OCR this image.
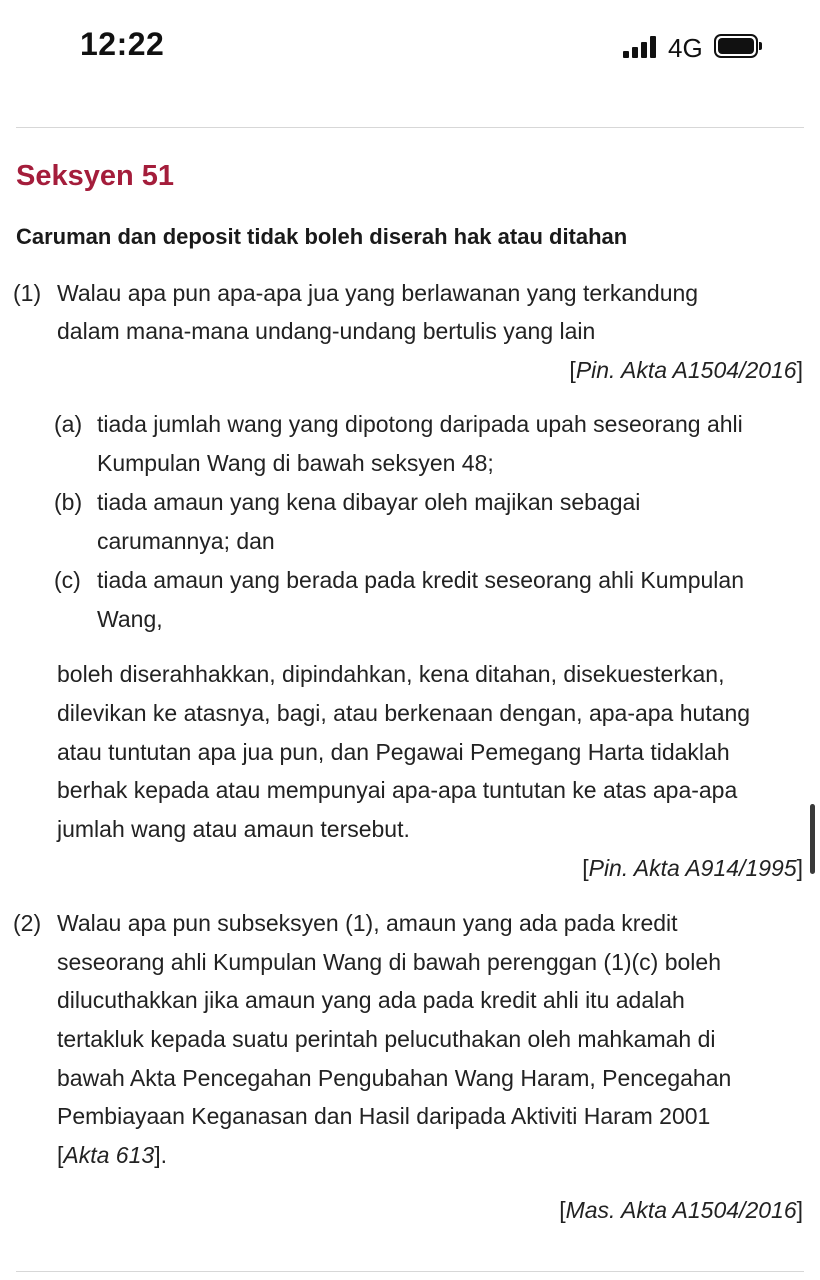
12:22	4G
Seksyen 51
Caruman dan deposit tidak boleh diserah hak atau ditahan
(1) Walau apa pun apa-apa jua yang berlawanan yang terkandung
dalam mana-mana undang-undang bertulis yang lain
[Pin. Akta A1504/2016]
(a) tiada jumlah wang yang dipotong daripada upah seseorang ahli
Kumpulan Wang di bawah seksyen 48;
(b) tiada amaun yang kena dibayar oleh majikan sebagai
carumannya; dan
(c) tiada amaun yang berada pada kredit seseorang ahli Kumpulan
Wang,
boleh diserahhakkan, dipindahkan, kena ditahan, disekuesterkan,
dilevikan ke atasnya, bagi, atau berkenaan dengan, apa-apa hutang
atau tuntutan apa jua pun, dan Pegawai Pemegang Harta tidaklah
berhak kepada atau mempunyai apa-apa tuntutan ke atas apa-apa
jumlah wang atau amaun tersebut.
[Pin. Akta A914/1995]
(2) Walau apa pun subseksyen (1), amaun yang ada pada kredit
seseorang ahli Kumpulan Wang di bawah perenggan (1)(c) boleh
dilucuthakkan jika amaun yang ada pada kredit ahli itu adalah
tertakluk kepada suatu perintah pelucuthakan oleh mahkamah di
bawah Akta Pencegahan Pengubahan Wang Haram, Pencegahan
Pembiayaan Keganasan dan Hasil daripada Aktiviti Haram 2001
[Akta 613].
[Mas. Akta A1504/2016]
